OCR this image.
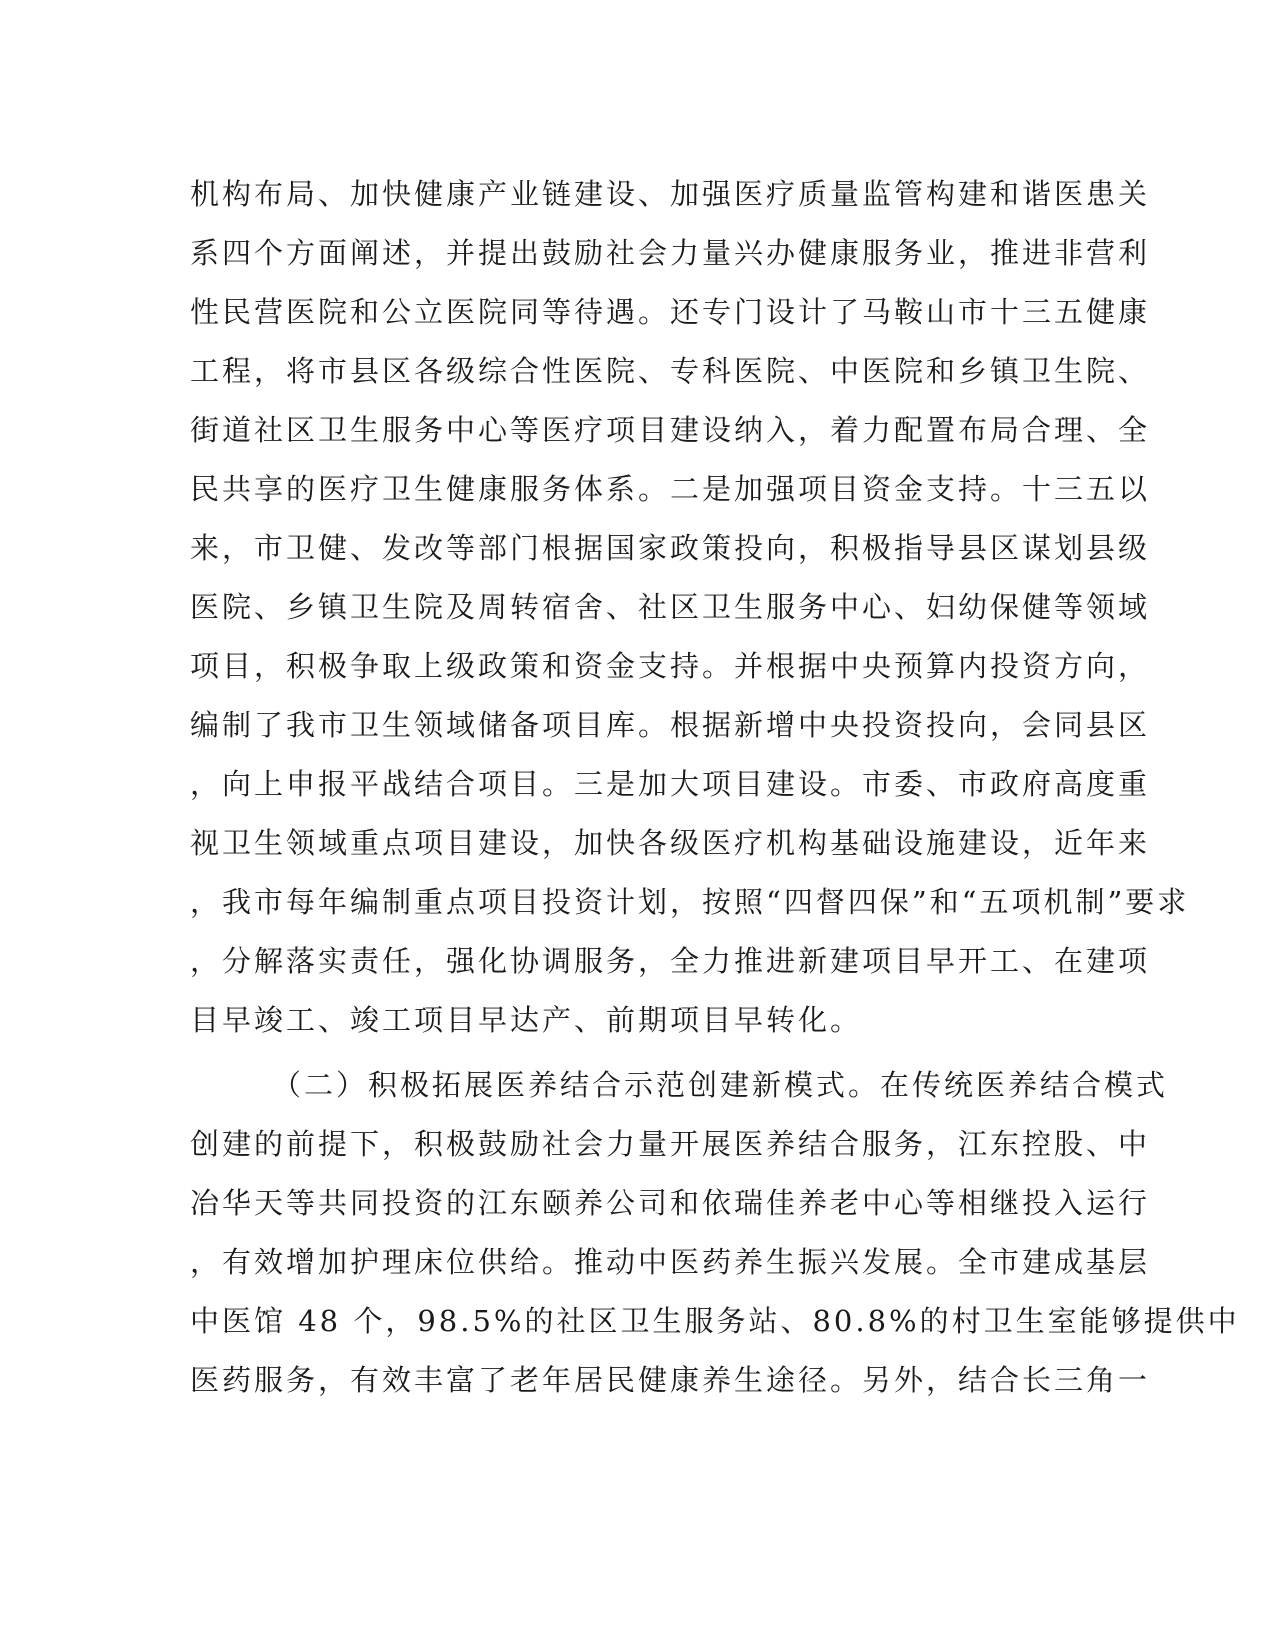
机构布局、加快健康产业链建设、加强医疗质量监管构建和谐医患关
系四个方面阐述，并提出鼓励社会力量兴办健康服务业，推进非营利
性民营医院和公立医院同等待遇。还专门设计了马鞍山市十三五健康
工程，将市县区各级综合性医院、专科医院、中医院和乡镇卫生院、
街道社区卫生服务中心等医疗项目建设纳入，着力配置布局合理、全
民共享的医疗卫生健康服务体系。二是加强项目资金支持。十三五以
来，市卫健、发改等部门根据国家政策投向，积极指导县区谋划县级
医院、乡镇卫生院及周转宿舍、社区卫生服务中心、妇幼保健等领域
项目，积极争取上级政策和资金支持。并根据中央预算内投资方向，
编制了我市卫生领域储备项目库。根据新增中央投资投向，会同县区
，向上申报平战结合项目。三是加大项目建设。市委、市政府高度重
视卫生领域重点项目建设，加快各级医疗机构基础设施建设，近年来
，我市每年编制重点项目投资计划，按照“四督四保”和“五项机制”要求
，分解落实责任，强化协调服务，全力推进新建项目早开工、在建项
目早竣工、竣工项目早达产、前期项目早转化。
（二）积极拓展医养结合示范创建新模式。在传统医养结合模式
创建的前提下，积极鼓励社会力量开展医养结合服务，江东控股、中
冶华天等共同投资的江东颐养公司和依瑞佳养老中心等相继投入运行
，有效增加护理床位供给。推动中医药养生振兴发展。全市建成基层
中医馆 48 个，98.5%的社区卫生服务站、80.8%的村卫生室能够提供中
医药服务，有效丰富了老年居民健康养生途径。另外，结合长三角一
